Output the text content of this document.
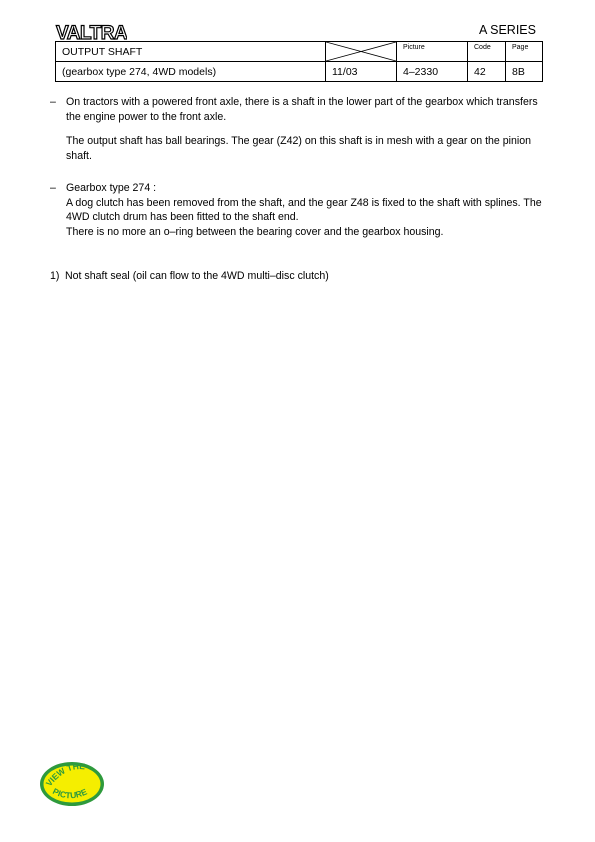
VALTRA	A SERIES
OUTPUT SHAFT		Picture	Code	Page
(gearbox type 274, 4WD models)	11/03	4–2330	42	8B
– On tractors with a powered front axle, there is a shaft in the lower part of the gearbox which transfers the engine power to the front axle.

The output shaft has ball bearings. The gear (Z42) on this shaft is in mesh with a gear on the pinion shaft.

– Gearbox type 274 :

A dog clutch has been removed from the shaft, and the gear Z48 is fixed to the shaft with splines. The 4WD clutch drum has been fitted to the shaft end.

There is no more an o–ring between the bearing cover and the gearbox housing.

1) Not shaft seal (oil can flow to the 4WD multi–disc clutch)

VIEW THE
PICTURE
